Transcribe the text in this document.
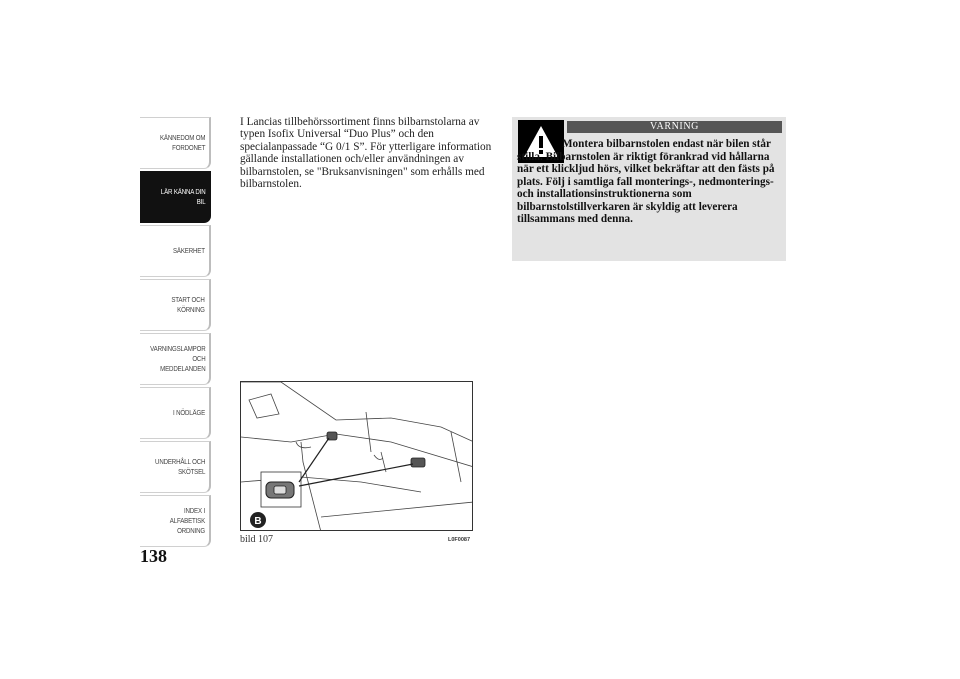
KÄNNEDOM OM
FORDONET
LÄR KÄNNA DIN
BIL
SÄKERHET
START OCH
KÖRNING
VARNINGSLAMPOR
OCH
MEDDELANDEN
I NÖDLÄGE
UNDERHÅLL OCH
SKÖTSEL
INDEX I
ALFABETISK
ORDNING
138

I Lancias tillbehörssortiment finns bilbarnstolarna av typen Isofix Universal “Duo Plus” och den specialanpassade “G 0/1 S”. För ytterligare information gällande installationen och/eller användningen av bilbarnstolen, se "Bruksanvisningen" som erhålls med bilbarnstolen.

B
bild 107	L0F0087
VARNING

Montera bilbarnstolen endast när bilen står stilla. Bilbarnstolen är riktigt förankrad vid hållarna när ett klickljud hörs, vilket bekräftar att den fästs på plats. Följ i samtliga fall monterings-, nedmonterings- och installationsinstruktionerna som bilbarnstolstillverkaren är skyldig att leverera tillsammans med denna.
